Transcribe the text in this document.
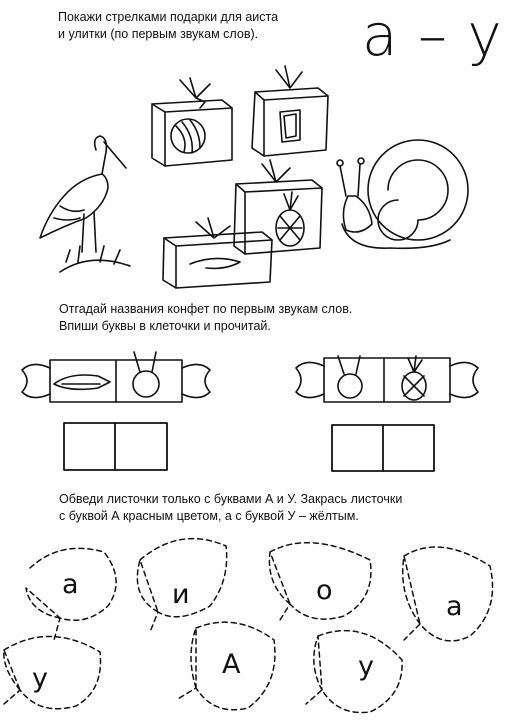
а – у

Покажи стрелками подарки для аиста

и улитки (по первым звукам слов).

Отгадай названия конфет по первым звукам слов.

Впиши буквы в клеточки и прочитай.

Обведи листочки только с буквами А и У. Закрась листочки

с буквой А красным цветом, а с буквой У – жёлтым.

а	и	о
а
у	А	у
